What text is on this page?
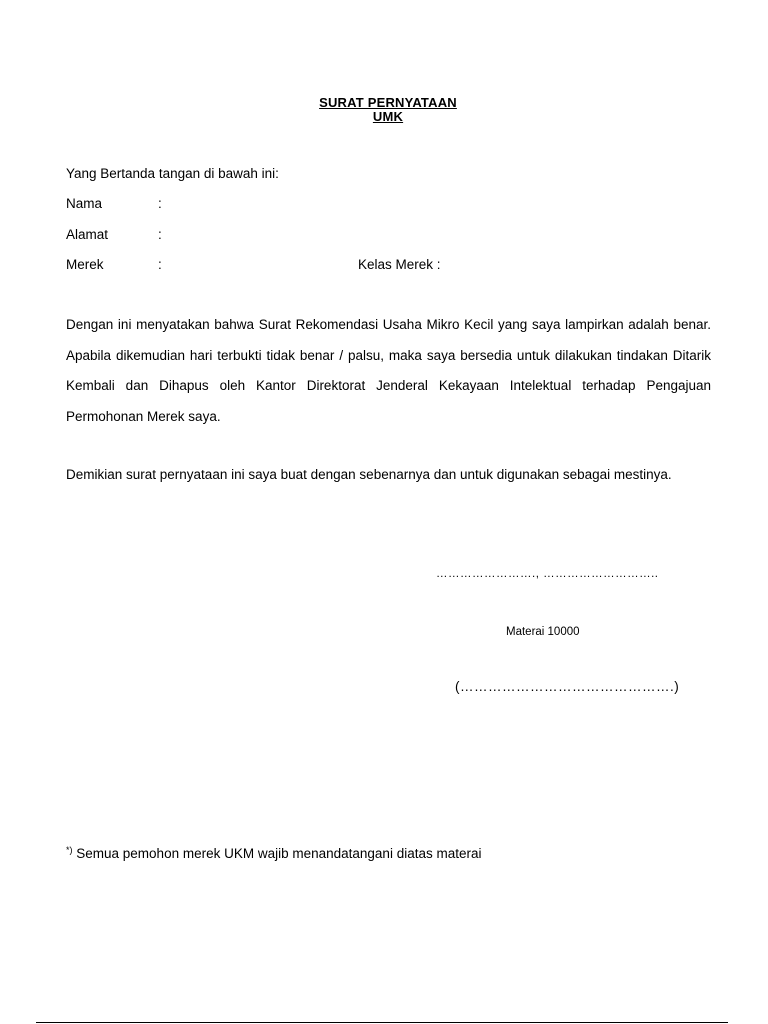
SURAT PERNYATAAN
UMK
Yang Bertanda tangan di bawah ini:
Nama	:
Alamat	:
Merek	:	Kelas Merek :
Dengan ini menyatakan bahwa Surat Rekomendasi Usaha Mikro Kecil yang saya lampirkan adalah benar. Apabila dikemudian hari terbukti tidak benar / palsu, maka saya bersedia untuk dilakukan tindakan Ditarik Kembali dan Dihapus oleh Kantor Direktorat Jenderal Kekayaan Intelektual terhadap Pengajuan Permohonan Merek saya.
Demikian surat pernyataan ini saya buat dengan sebenarnya dan untuk digunakan sebagai mestinya.
……………………., ………………………..
Materai 10000
(……………………………………….)
*) Semua pemohon merek UKM wajib menandatangani diatas materai
